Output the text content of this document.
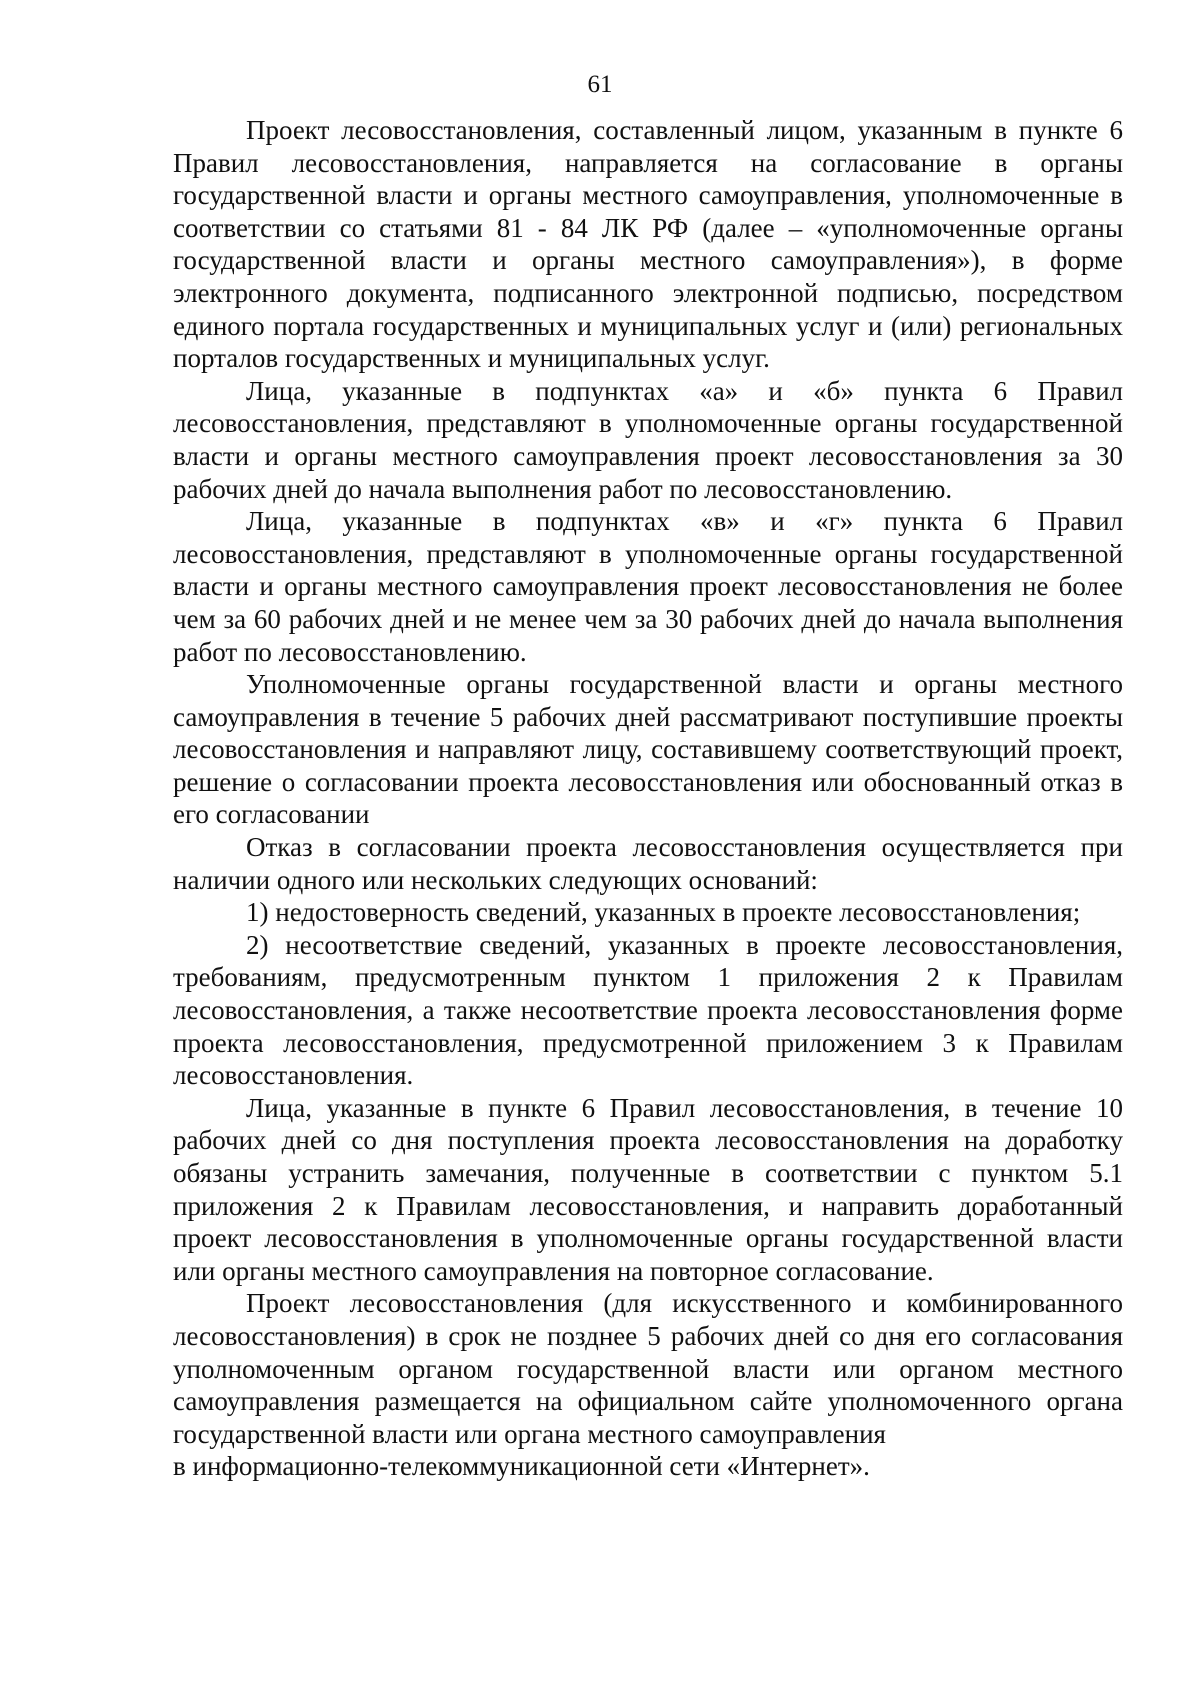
61

Проект лесовосстановления, составленный лицом, указанным в пункте 6 Правил лесовосстановления, направляется на согласование в органы государственной власти и органы местного самоуправления, уполномоченные в соответствии со статьями 81 - 84 ЛК РФ (далее – «уполномоченные органы государственной власти и органы местного самоуправления»), в форме электронного документа, подписанного электронной подписью, посредством единого портала государственных и муниципальных услуг и (или) региональных порталов государственных и муниципальных услуг.

Лица, указанные в подпунктах «а» и «б» пункта 6 Правил лесовосстановления, представляют в уполномоченные органы государственной власти и органы местного самоуправления проект лесовосстановления за 30 рабочих дней до начала выполнения работ по лесовосстановлению.

Лица, указанные в подпунктах «в» и «г» пункта 6 Правил лесовосстановления, представляют в уполномоченные органы государственной власти и органы местного самоуправления проект лесовосстановления не более чем за 60 рабочих дней и не менее чем за 30 рабочих дней до начала выполнения работ по лесовосстановлению.

Уполномоченные органы государственной власти и органы местного самоуправления в течение 5 рабочих дней рассматривают поступившие проекты лесовосстановления и направляют лицу, составившему соответствующий проект, решение о согласовании проекта лесовосстановления или обоснованный отказ в его согласовании

Отказ в согласовании проекта лесовосстановления осуществляется при наличии одного или нескольких следующих оснований:

1) недостоверность сведений, указанных в проекте лесовосстановления;

2) несоответствие сведений, указанных в проекте лесовосстановления, требованиям, предусмотренным пунктом 1 приложения 2 к Правилам лесовосстановления, а также несоответствие проекта лесовосстановления форме проекта лесовосстановления, предусмотренной приложением 3 к Правилам лесовосстановления.

Лица, указанные в пункте 6 Правил лесовосстановления, в течение 10 рабочих дней со дня поступления проекта лесовосстановления на доработку обязаны устранить замечания, полученные в соответствии с пунктом 5.1 приложения 2 к Правилам лесовосстановления, и направить доработанный проект лесовосстановления в уполномоченные органы государственной власти или органы местного самоуправления на повторное согласование.

Проект лесовосстановления (для искусственного и комбинированного лесовосстановления) в срок не позднее 5 рабочих дней со дня его согласования уполномоченным органом государственной власти или органом местного самоуправления размещается на официальном сайте уполномоченного органа государственной власти или органа местного самоуправления

в информационно-телекоммуникационной сети «Интернет».
